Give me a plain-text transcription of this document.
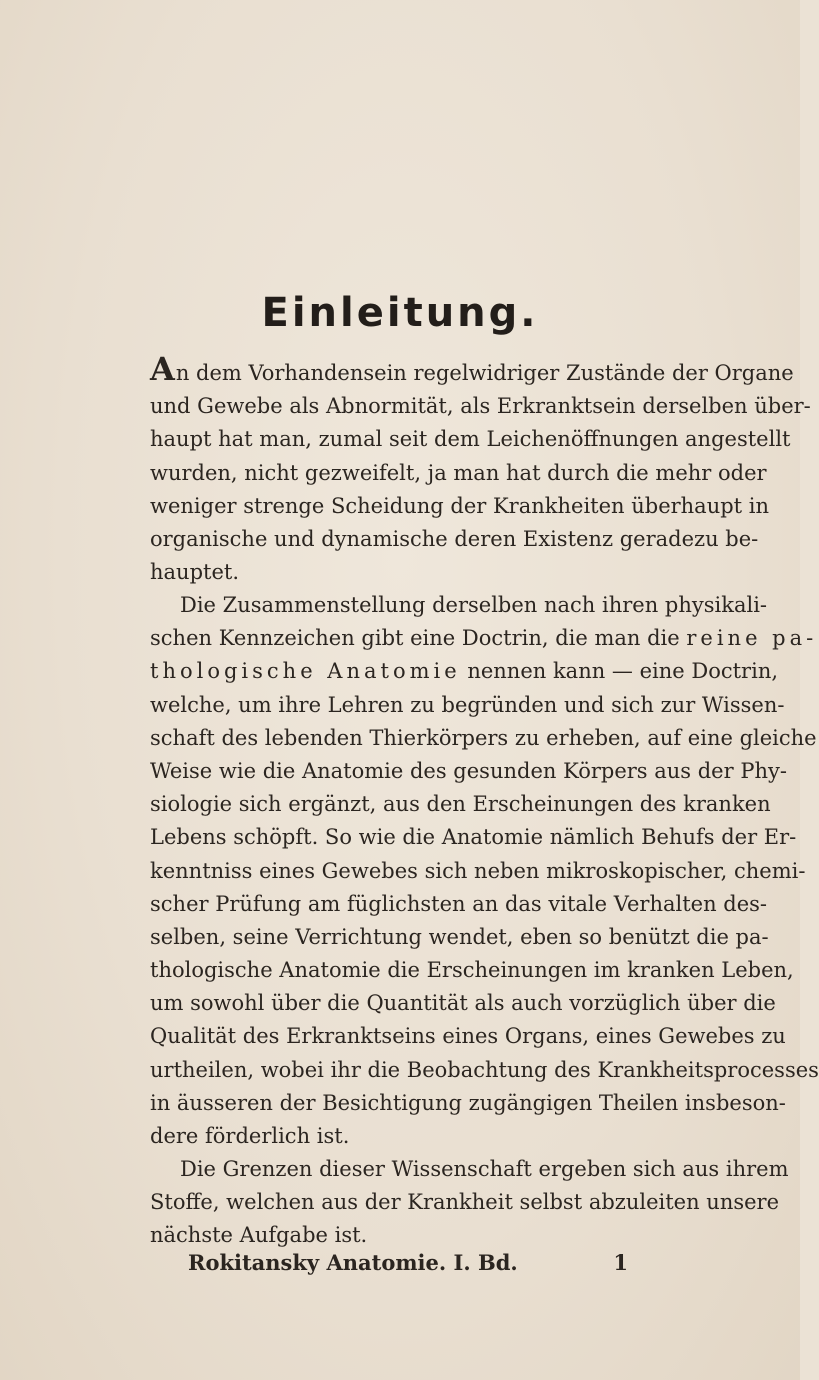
Einleitung.
An dem Vorhandensein regelwidriger Zustände der Organe
und Gewebe als Abnormität, als Erkranktsein derselben über-
haupt hat man, zumal seit dem Leichenöffnungen angestellt
wurden, nicht gezweifelt, ja man hat durch die mehr oder
weniger strenge Scheidung der Krankheiten überhaupt in
organische und dynamische deren Existenz geradezu be-
hauptet.
Die Zusammenstellung derselben nach ihren physikali-
schen Kennzeichen gibt eine Doctrin, die man die reine pa-
thologische Anatomie nennen kann — eine Doctrin,
welche, um ihre Lehren zu begründen und sich zur Wissen-
schaft des lebenden Thierkörpers zu erheben, auf eine gleiche
Weise wie die Anatomie des gesunden Körpers aus der Phy-
siologie sich ergänzt, aus den Erscheinungen des kranken
Lebens schöpft. So wie die Anatomie nämlich Behufs der Er-
kenntniss eines Gewebes sich neben mikroskopischer, chemi-
scher Prüfung am füglichsten an das vitale Verhalten des-
selben, seine Verrichtung wendet, eben so benützt die pa-
thologische Anatomie die Erscheinungen im kranken Leben,
um sowohl über die Quantität als auch vorzüglich über die
Qualität des Erkranktseins eines Organs, eines Gewebes zu
urtheilen, wobei ihr die Beobachtung des Krankheitsprocesses
in äusseren der Besichtigung zugängigen Theilen insbeson-
dere förderlich ist.
Die Grenzen dieser Wissenschaft ergeben sich aus ihrem
Stoffe, welchen aus der Krankheit selbst abzuleiten unsere
nächste Aufgabe ist.
Rokitansky Anatomie. I. Bd.	1
